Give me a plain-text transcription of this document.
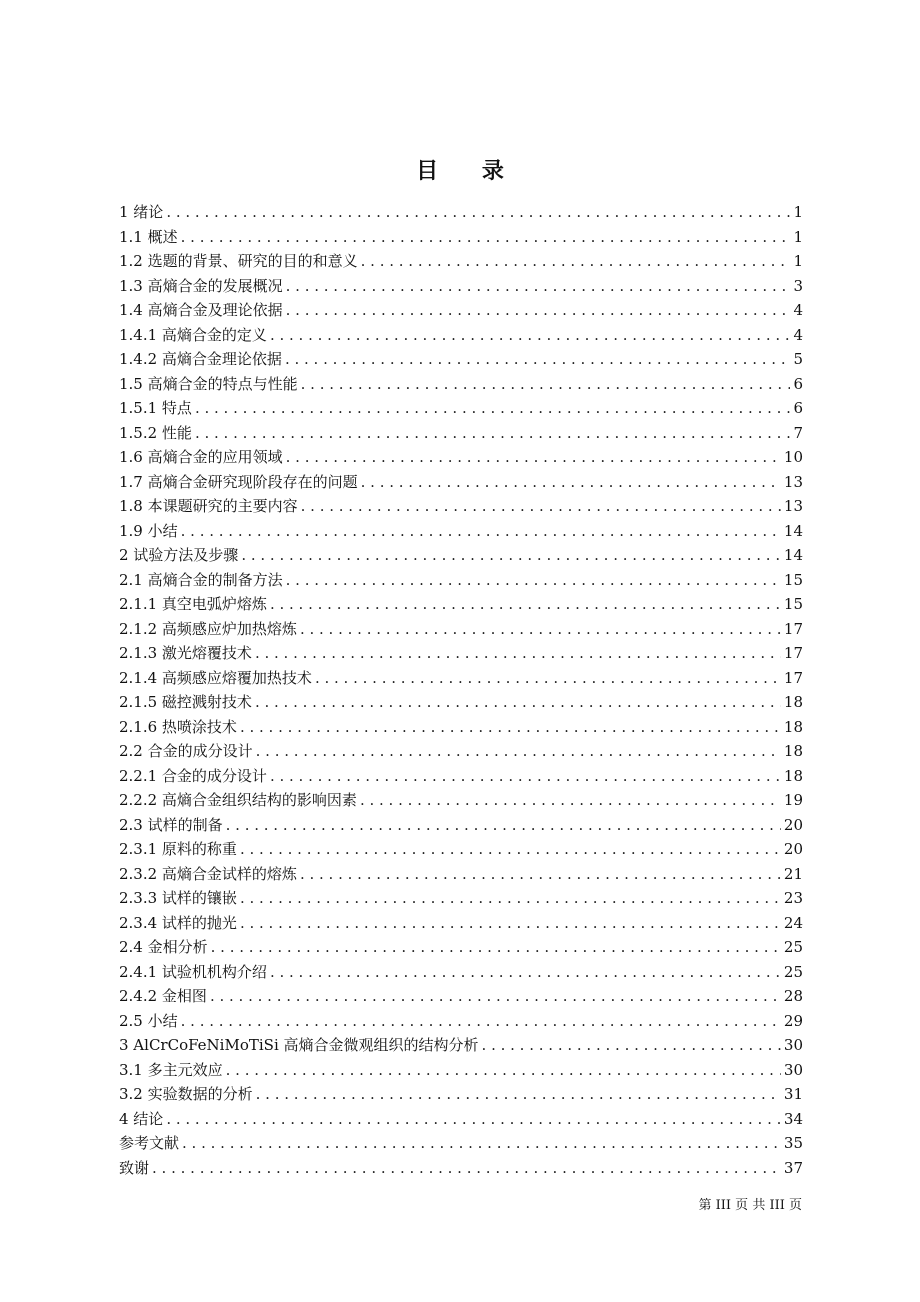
目 录
1 绪论 . . .	1
1.1 概述 . . .	1
1.2 选题的背景、研究的目的和意义 . . .	1
1.3 高熵合金的发展概况 . . .	3
1.4 高熵合金及理论依据 . . .	4
1.4.1 高熵合金的定义 . . .	4
1.4.2 高熵合金理论依据 . . .	5
1.5 高熵合金的特点与性能 . . .	6
1.5.1 特点 . . .	6
1.5.2 性能 . . .	7
1.6 高熵合金的应用领域 . . .	10
1.7 高熵合金研究现阶段存在的问题 . . .	13
1.8 本课题研究的主要内容 . . .	13
1.9 小结 . . .	14
2 试验方法及步骤 . . .	14
2.1 高熵合金的制备方法 . . .	15
2.1.1 真空电弧炉熔炼 . . .	15
2.1.2 高频感应炉加热熔炼 . . .	17
2.1.3 激光熔覆技术 . . .	17
2.1.4 高频感应熔覆加热技术 . . .	17
2.1.5 磁控溅射技术 . . .	18
2.1.6 热喷涂技术 . . .	18
2.2 合金的成分设计 . . .	18
2.2.1 合金的成分设计 . . .	18
2.2.2 高熵合金组织结构的影响因素 . . .	19
2.3 试样的制备 . . .	20
2.3.1 原料的称重 . . .	20
2.3.2 高熵合金试样的熔炼 . . .	21
2.3.3 试样的镶嵌 . . .	23
2.3.4 试样的抛光 . . .	24
2.4 金相分析 . . .	25
2.4.1 试验机机构介绍 . . .	25
2.4.2 金相图 . . .	28
2.5 小结 . . .	29
3 AlCrCoFeNiMoTiSi 高熵合金微观组织的结构分析 . . .	30
3.1 多主元效应 . . .	30
3.2 实验数据的分析 . . .	31
4 结论 . . .	34
参考文献 . . .	35
致谢 . . .	37
第 III 页 共 III 页
